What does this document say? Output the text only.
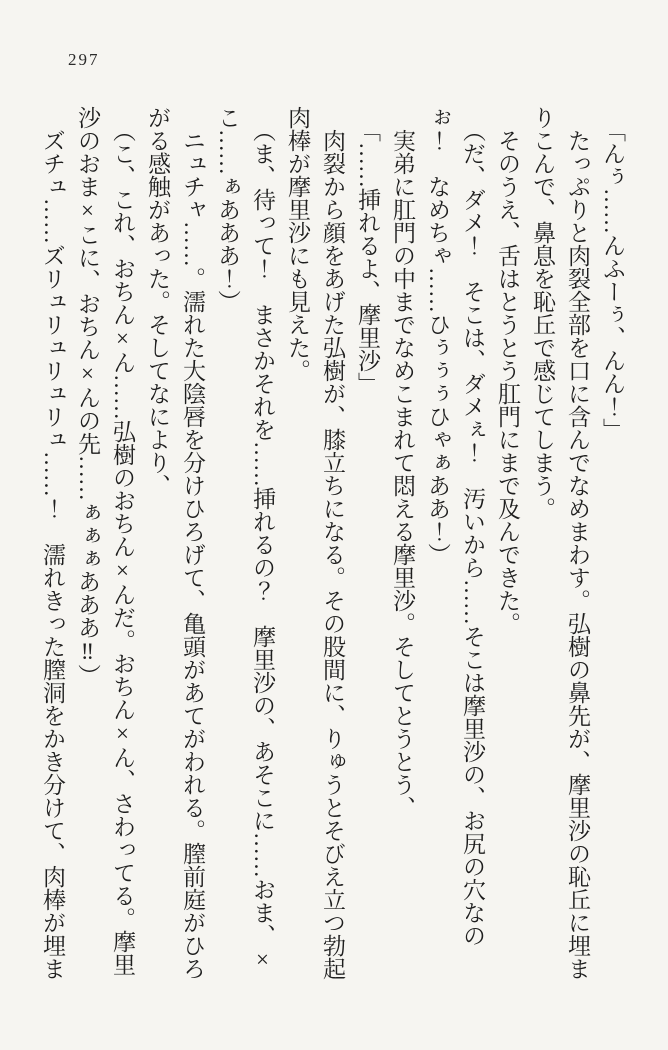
297

「んぅ……んふーぅ、んん！」

たっぷりと肉裂全部を口に含んでなめまわす。弘樹の鼻先が、摩里沙の恥丘に埋まりこんで、鼻息を恥丘で感じてしまう。

そのうえ、舌はとうとう肛門にまで及んできた。

（だ、ダメ！　そこは、ダメぇ！　汚いから……そこは摩里沙の、お尻の穴なのぉ！　なめちゃ……ひぅぅぅひゃぁああ！）

実弟に肛門の中までなめこまれて悶える摩里沙。そしてとうとう、

「……挿れるよ、摩里沙」

肉裂から顔をあげた弘樹が、膝立ちになる。その股間に、りゅうとそびえ立つ勃起肉棒が摩里沙にも見えた。

（ま、待って！　まさかそれを……挿れるの？　摩里沙の、あそこに……おま、×こ……ぁあああ！）

ニュチャ……。濡れた大陰唇を分けひろげて、亀頭があてがわれる。膣前庭がひろがる感触があった。そしてなにより、

（こ、これ、おちん×ん……弘樹のおちん×んだ。おちん×ん、さわってる。摩里沙のおま×こに、おちん×んの先……ぁぁぁあああ‼）

ズチュ……ズリュリュリュリュ……！　濡れきった膣洞をかき分けて、肉棒が埋ま
